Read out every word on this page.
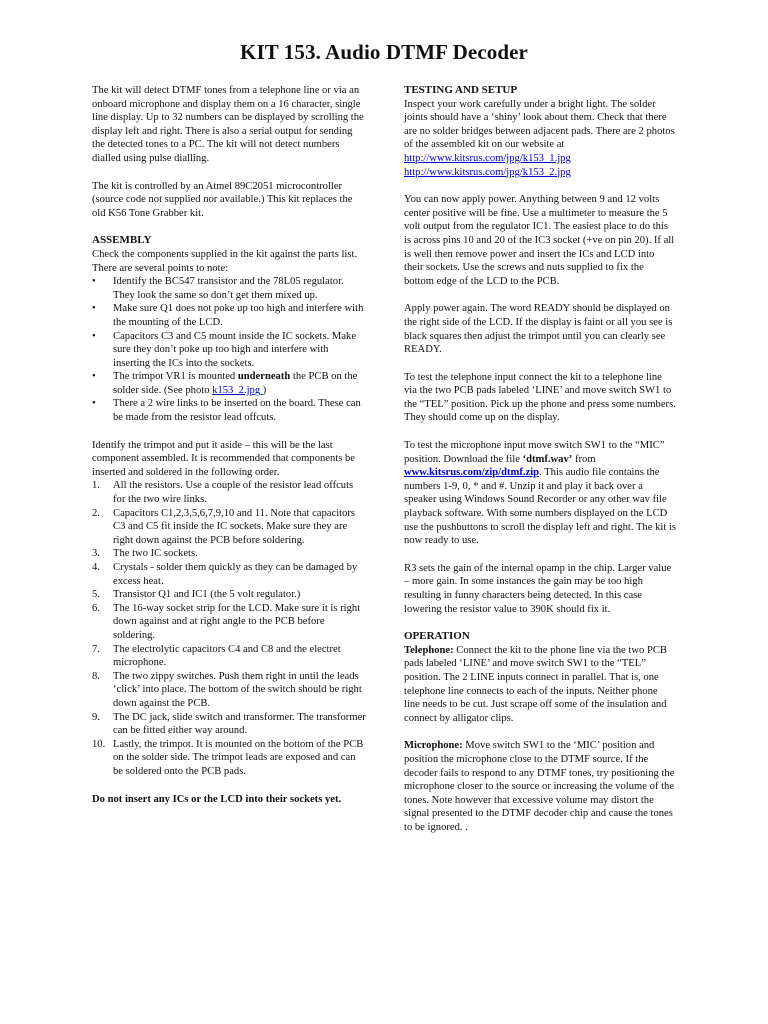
KIT 153. Audio DTMF Decoder

The kit will detect DTMF tones from a telephone line or via an onboard microphone and display them on a 16 character, single line display. Up to 32 numbers can be displayed by scrolling the display left and right. There is also a serial output for sending the detected tones to a PC. The kit will not detect numbers dialled using pulse dialling.

The kit is controlled by an Atmel 89C2051 microcontroller (source code not supplied nor available.) This kit replaces the old K56 Tone Grabber kit.

ASSEMBLY

Check the components supplied in the kit against the parts list. There are several points to note:

• Identify the BC547 transistor and the 78L05 regulator. They look the same so don’t get them mixed up.
• Make sure Q1 does not poke up too high and interfere with the mounting of the LCD.
• Capacitors C3 and C5 mount inside the IC sockets. Make sure they don’t poke up too high and interfere with inserting the ICs into the sockets.
• The trimpot VR1 is mounted underneath the PCB on the solder side. (See photo k153_2.jpg )
• There a 2 wire links to be inserted on the board. These can be made from the resistor lead offcuts.

Identify the trimpot and put it aside – this will be the last component assembled. It is recommended that components be inserted and soldered in the following order.

1. All the resistors. Use a couple of the resistor lead offcuts for the two wire links.
2. Capacitors C1,2,3,5,6,7,9,10 and 11. Note that capacitors C3 and C5 fit inside the IC sockets. Make sure they are right down against the PCB before soldering.
3. The two IC sockets.
4. Crystals - solder them quickly as they can be damaged by excess heat.
5. Transistor Q1 and IC1 (the 5 volt regulator.)
6. The 16-way socket strip for the LCD. Make sure it is right down against and at right angle to the PCB before soldering.
7. The electrolytic capacitors C4 and C8 and the electret microphone.
8. The two zippy switches. Push them right in until the leads ‘click’ into place. The bottom of the switch should be right down against the PCB.
9. The DC jack, slide switch and transformer. The transformer can be fitted either way around.
10. Lastly, the trimpot. It is mounted on the bottom of the PCB on the solder side. The trimpot leads are exposed and can be soldered onto the PCB pads.

Do not insert any ICs or the LCD into their sockets yet.

TESTING AND SETUP

Inspect your work carefully under a bright light. The solder joints should have a ‘shiny’ look about them. Check that there are no solder bridges between adjacent pads. There are 2 photos of the assembled kit on our website at

http://www.kitsrus.com/jpg/k153_1.jpg
http://www.kitsrus.com/jpg/k153_2.jpg

You can now apply power. Anything between 9 and 12 volts center positive will be fine. Use a multimeter to measure the 5 volt output from the regulator IC1. The easiest place to do this is across pins 10 and 20 of the IC3 socket (+ve on pin 20). If all is well then remove power and insert the ICs and LCD into their sockets. Use the screws and nuts supplied to fix the bottom edge of the LCD to the PCB.

Apply power again. The word READY should be displayed on the right side of the LCD. If the display is faint or all you see is black squares then adjust the trimpot until you can clearly see READY.

To test the telephone input connect the kit to a telephone line via the two PCB pads labeled ‘LINE’ and move switch SW1 to the “TEL” position. Pick up the phone and press some numbers. They should come up on the display.

To test the microphone input move switch SW1 to the “MIC” position. Download the file ‘dtmf.wav’ from www.kitsrus.com/zip/dtmf.zip. This audio file contains the numbers 1-9, 0, * and #. Unzip it and play it back over a speaker using Windows Sound Recorder or any other wav file playback software. With some numbers displayed on the LCD use the pushbuttons to scroll the display left and right. The kit is now ready to use.

R3 sets the gain of the internal opamp in the chip. Larger value – more gain. In some instances the gain may be too high resulting in funny characters being detected. In this case lowering the resistor value to 390K should fix it.

OPERATION

Telephone: Connect the kit to the phone line via the two PCB pads labeled ‘LINE’ and move switch SW1 to the “TEL” position. The 2 LINE inputs connect in parallel. That is, one telephone line connects to each of the inputs. Neither phone line needs to be cut. Just scrape off some of the insulation and connect by alligator clips.

Microphone: Move switch SW1 to the ‘MIC’ position and position the microphone close to the DTMF source. If the decoder fails to respond to any DTMF tones, try positioning the microphone closer to the source or increasing the volume of the tones. Note however that excessive volume may distort the signal presented to the DTMF decoder chip and cause the tones to be ignored. .
